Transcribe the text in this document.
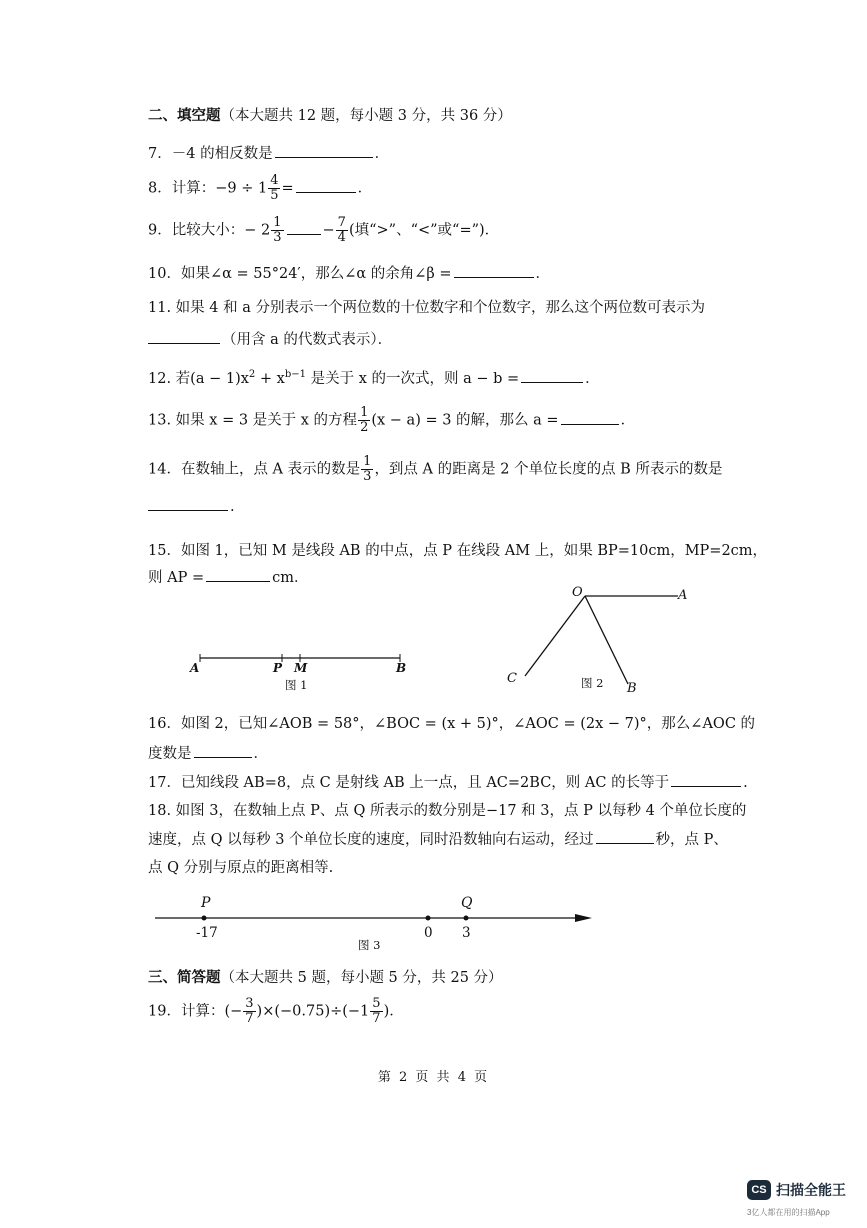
二、填空题（本大题共 12 题，每小题 3 分，共 36 分）
7．－4 的相反数是	．
8．计算：$-9 \div 1 \frac{4}{5}$ =	．
9．比较大小：− $2 \frac{1}{3}$	− $\frac{7}{4}$ (填“>”、“<”或“=”)．
10．如果∠α = 55°24′，那么∠α 的余角∠β =	．
11. 如果 4 和 a 分别表示一个两位数的十位数字和个位数字，那么这个两位数可表示为
（用含 a 的代数式表示）．
12. 若$(a - 1)x^2 + x^{b-1}$ 是关于 x 的一次式，则 a − b =	．
13. 如果 x = 3 是关于 x 的方程 $\frac{1}{2} (x - a) = 3$ 的解，那么 a =	．
14．在数轴上，点 A 表示的数是 $\frac{1}{3}$ ，到点 A 的距离是 2 个单位长度的点 B 所表示的数是
.
15．如图 1，已知 M 是线段 AB 的中点，点 P 在线段 AM 上，如果 BP=10cm，MP=2cm，
则 AP =	cm．
A	P M	B
图 1
O	A
C
B
图 2
16．如图 2，已知∠AOB = 58°，∠BOC = (x + 5)°，∠AOC = (2x − 7)°，那么∠AOC 的
度数是	．
17．已知线段 AB=8，点 C 是射线 AB 上一点，且 AC=2BC，则 AC 的长等于	.
18. 如图 3，在数轴上点 P、点 Q 所表示的数分别是−17 和 3，点 P 以每秒 4 个单位长度的
速度，点 Q 以每秒 3 个单位长度的速度，同时沿数轴向右运动，经过	秒，点 P、
点 Q 分别与原点的距离相等.
P	Q
-17	0 3
图 3
三、简答题（本大题共 5 题，每小题 5 分，共 25 分）
19．计算：(− $\frac{3}{7} )\times(-0.75)\div(-1 \frac{5}{7}$ )．
第 2 页 共 4 页
CS 扫描全能王
3亿人都在用的扫描App
